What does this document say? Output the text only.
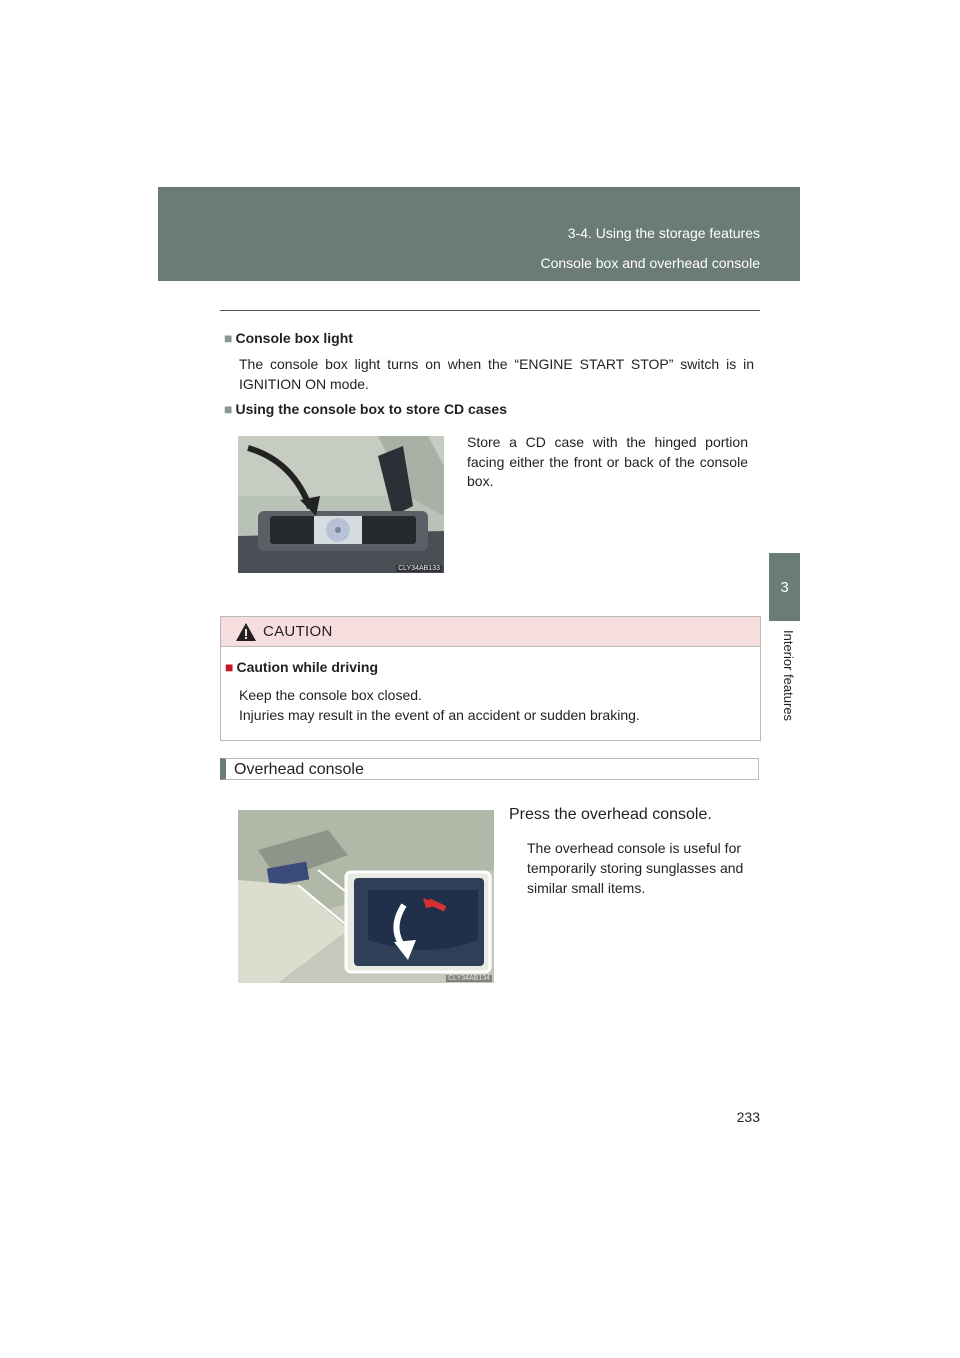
3-4. Using the storage features
Console box and overhead console
3
Interior features
■ Console box light
The console box light turns on when the “ENGINE START STOP” switch is in IGNITION ON mode.
■ Using the console box to store CD cases
CLY34AB133
Store a CD case with the hinged portion facing either the front or back of the console box.
CAUTION
■ Caution while driving
Keep the console box closed.
Injuries may result in the event of an accident or sudden braking.
Overhead console
CLY34AB134
Press the overhead console.
The overhead console is useful for temporarily storing sunglasses and similar small items.
233
